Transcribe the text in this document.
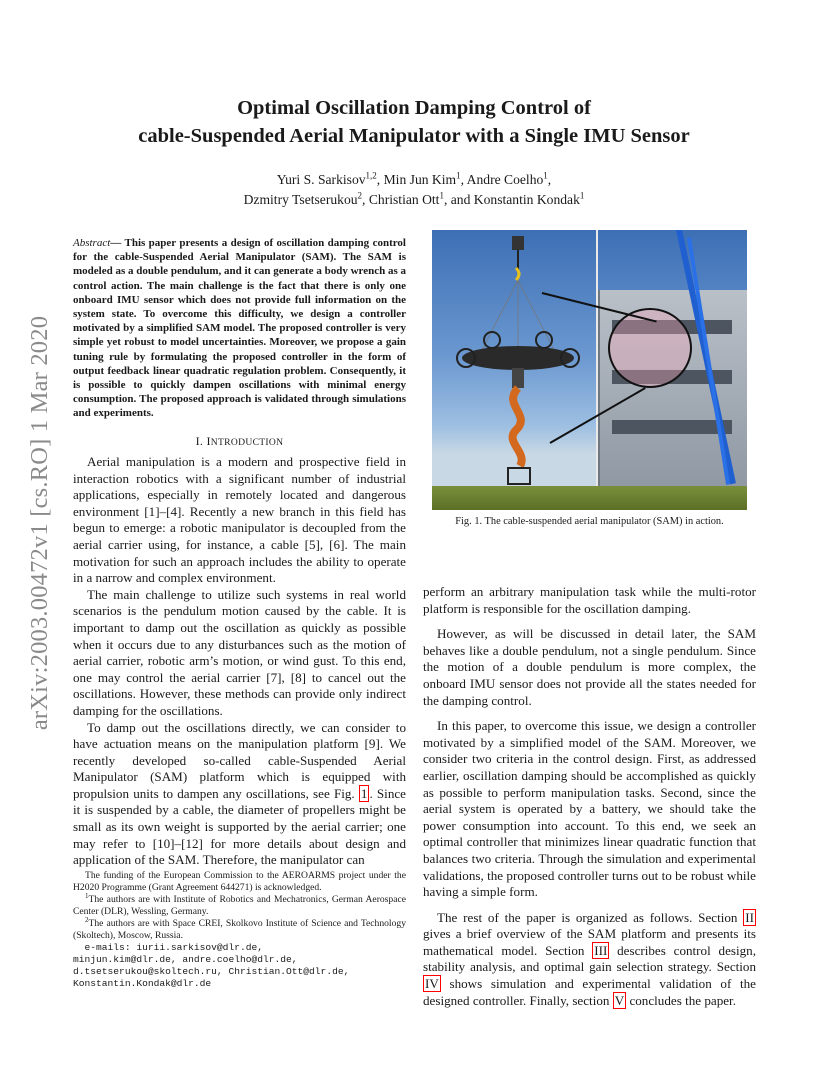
arXiv:2003.00472v1 [cs.RO] 1 Mar 2020
Optimal Oscillation Damping Control of
cable-Suspended Aerial Manipulator with a Single IMU Sensor
Yuri S. Sarkisov$^{1,2}$, Min Jun Kim$^1$, Andre Coelho$^1$,
Dzmitry Tsetserukou$^2$, Christian Ott$^1$, and Konstantin Kondak$^1$

Abstract— This paper presents a design of oscillation damping control for the cable-Suspended Aerial Manipulator (SAM). The SAM is modeled as a double pendulum, and it can generate a body wrench as a control action. The main challenge is the fact that there is only one onboard IMU sensor which does not provide full information on the system state. To overcome this difficulty, we design a controller motivated by a simplified SAM model. The proposed controller is very simple yet robust to model uncertainties. Moreover, we propose a gain tuning rule by formulating the proposed controller in the form of output feedback linear quadratic regulation problem. Consequently, it is possible to quickly dampen oscillations with minimal energy consumption. The proposed approach is validated through simulations and experiments.

I. INTRODUCTION

Aerial manipulation is a modern and prospective field in interaction robotics with a significant number of industrial applications, especially in remotely located and dangerous environment [1]–[4]. Recently a new branch in this field has begun to emerge: a robotic manipulator is decoupled from the aerial carrier using, for instance, a cable [5], [6]. The main motivation for such an approach includes the ability to operate in a narrow and complex environment.

The main challenge to utilize such systems in real world scenarios is the pendulum motion caused by the cable. It is important to damp out the oscillation as quickly as possible when it occurs due to any disturbances such as the motion of aerial carrier, robotic arm’s motion, or wind gust. To this end, one may control the aerial carrier [7], [8] to cancel out the oscillations. However, these methods can provide only indirect damping for the oscillations.

To damp out the oscillations directly, we can consider to have actuation means on the manipulation platform [9]. We recently developed so-called cable-Suspended Aerial Manipulator (SAM) platform which is equipped with propulsion units to dampen any oscillations, see Fig. 1 . Since it is suspended by a cable, the diameter of propellers might be small as its own weight is supported by the aerial carrier; one may refer to [10]–[12] for more details about design and application of the SAM. Therefore, the manipulator can

The funding of the European Commission to the AEROARMS project under the H2020 Programme (Grant Agreement 644271) is acknowledged.

$^1$The authors are with Institute of Robotics and Mechatronics, German Aerospace Center (DLR), Wessling, Germany.

$^2$The authors are with Space CREI, Skolkovo Institute of Science and Technology (Skoltech), Moscow, Russia.

e-mails: iurii.sarkisov@dlr.de,
minjun.kim@dlr.de, andre.coelho@dlr.de,
d.tsetserukou@skoltech.ru, Christian.Ott@dlr.de,
Konstantin.Kondak@dlr.de
Fig. 1. The cable-suspended aerial manipulator (SAM) in action.

perform an arbitrary manipulation task while the multi-rotor platform is responsible for the oscillation damping.

However, as will be discussed in detail later, the SAM behaves like a double pendulum, not a single pendulum. Since the motion of a double pendulum is more complex, the onboard IMU sensor does not provide all the states needed for the damping control.

In this paper, to overcome this issue, we design a controller motivated by a simplified model of the SAM. Moreover, we consider two criteria in the control design. First, as addressed earlier, oscillation damping should be accomplished as quickly as possible to perform manipulation tasks. Second, since the aerial system is operated by a battery, we should take the power consumption into account. To this end, we seek an optimal controller that minimizes linear quadratic function that balances two criteria. Through the simulation and experimental validations, the proposed controller turns out to be robust while having a simple form.

The rest of the paper is organized as follows. Section II gives a brief overview of the SAM platform and presents its mathematical model. Section III describes control design, stability analysis, and optimal gain selection strategy. Section IV shows simulation and experimental validation of the designed controller. Finally, section V concludes the paper.
